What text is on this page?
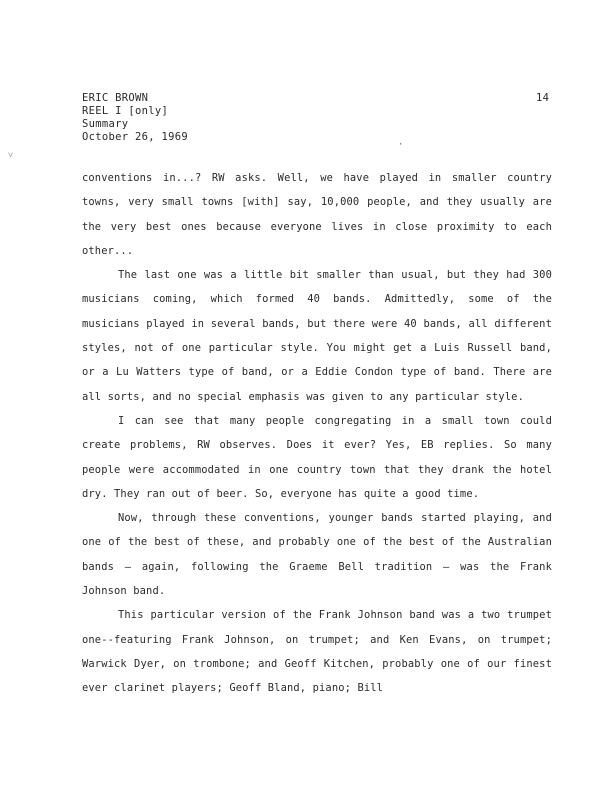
˅
·
ERIC BROWN
REEL I [only]
Summary
October 26, 1969
14

conventions in...? RW asks. Well, we have played in smaller country towns, very small towns [with] say, 10,000 people, and they usually are the very best ones because everyone lives in close proximity to each other...

The last one was a little bit smaller than usual, but they had 300 musicians coming, which formed 40 bands. Admittedly, some of the musicians played in several bands, but there were 40 bands, all different styles, not of one particular style. You might get a Luis Russell band, or a Lu Watters type of band, or a Eddie Condon type of band. There are all sorts, and no special emphasis was given to any particular style.

I can see that many people congregating in a small town could create problems, RW observes. Does it ever? Yes, EB replies. So many people were accommodated in one country town that they drank the hotel dry. They ran out of beer. So, everyone has quite a good time.

Now, through these conventions, younger bands started playing, and one of the best of these, and probably one of the best of the Australian bands — again, following the Graeme Bell tradition — was the Frank Johnson band.

This particular version of the Frank Johnson band was a two trumpet one--featuring Frank Johnson, on trumpet; and Ken Evans, on trumpet; Warwick Dyer, on trombone; and Geoff Kitchen, probably one of our finest ever clarinet players; Geoff Bland, piano; Bill
